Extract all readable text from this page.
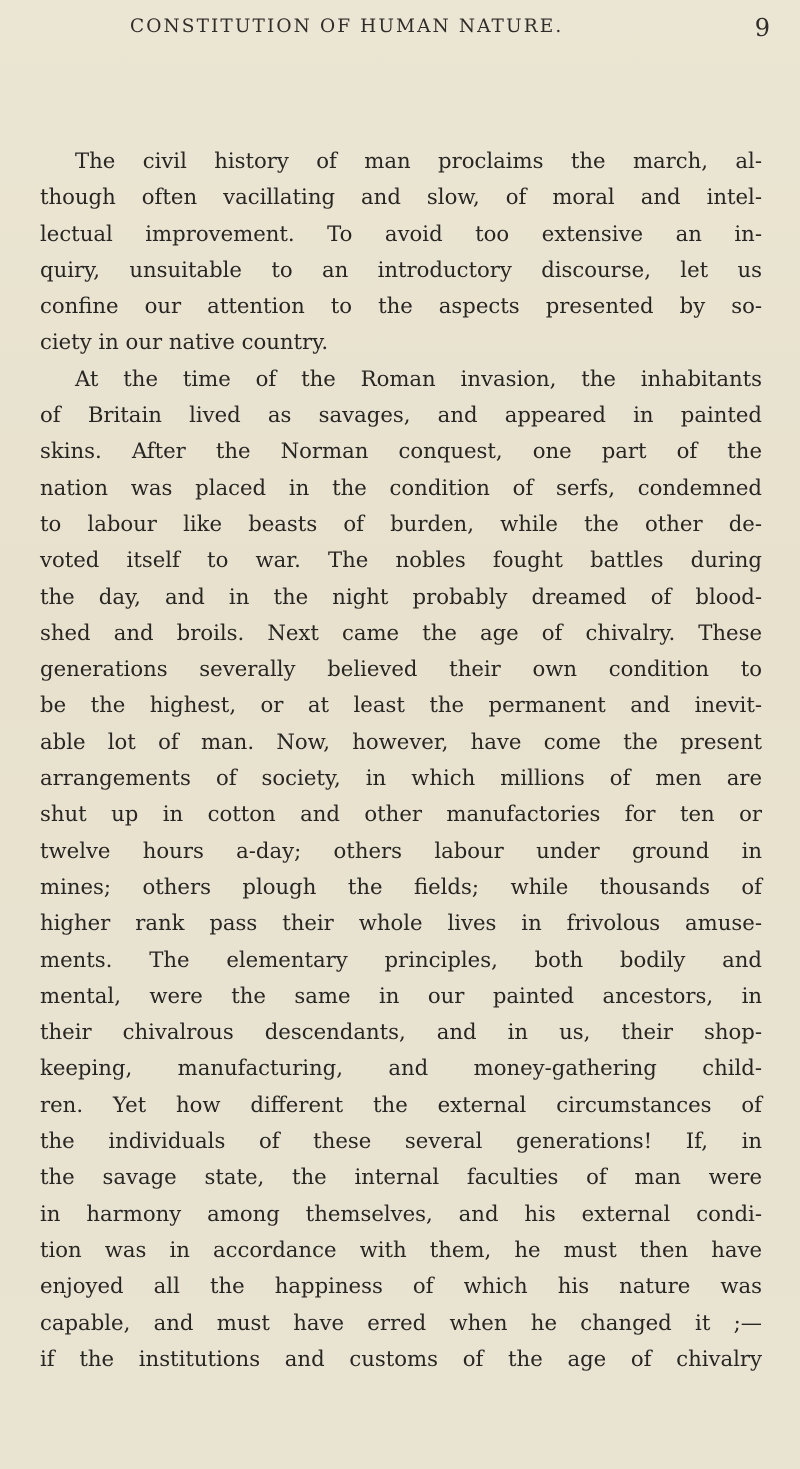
CONSTITUTION OF HUMAN NATURE.	9
The civil history of man proclaims the march, al-
though often vacillating and slow, of moral and intel-
lectual improvement. To avoid too extensive an in-
quiry, unsuitable to an introductory discourse, let us
confine our attention to the aspects presented by so-
ciety in our native country.
At the time of the Roman invasion, the inhabitants
of Britain lived as savages, and appeared in painted
skins. After the Norman conquest, one part of the
nation was placed in the condition of serfs, condemned
to labour like beasts of burden, while the other de-
voted itself to war. The nobles fought battles during
the day, and in the night probably dreamed of blood-
shed and broils. Next came the age of chivalry. These
generations severally believed their own condition to
be the highest, or at least the permanent and inevit-
able lot of man. Now, however, have come the present
arrangements of society, in which millions of men are
shut up in cotton and other manufactories for ten or
twelve hours a-day; others labour under ground in
mines; others plough the fields; while thousands of
higher rank pass their whole lives in frivolous amuse-
ments. The elementary principles, both bodily and
mental, were the same in our painted ancestors, in
their chivalrous descendants, and in us, their shop-
keeping, manufacturing, and money-gathering child-
ren. Yet how different the external circumstances of
the individuals of these several generations! If, in
the savage state, the internal faculties of man were
in harmony among themselves, and his external condi-
tion was in accordance with them, he must then have
enjoyed all the happiness of which his nature was
capable, and must have erred when he changed it ;—
if the institutions and customs of the age of chivalry
